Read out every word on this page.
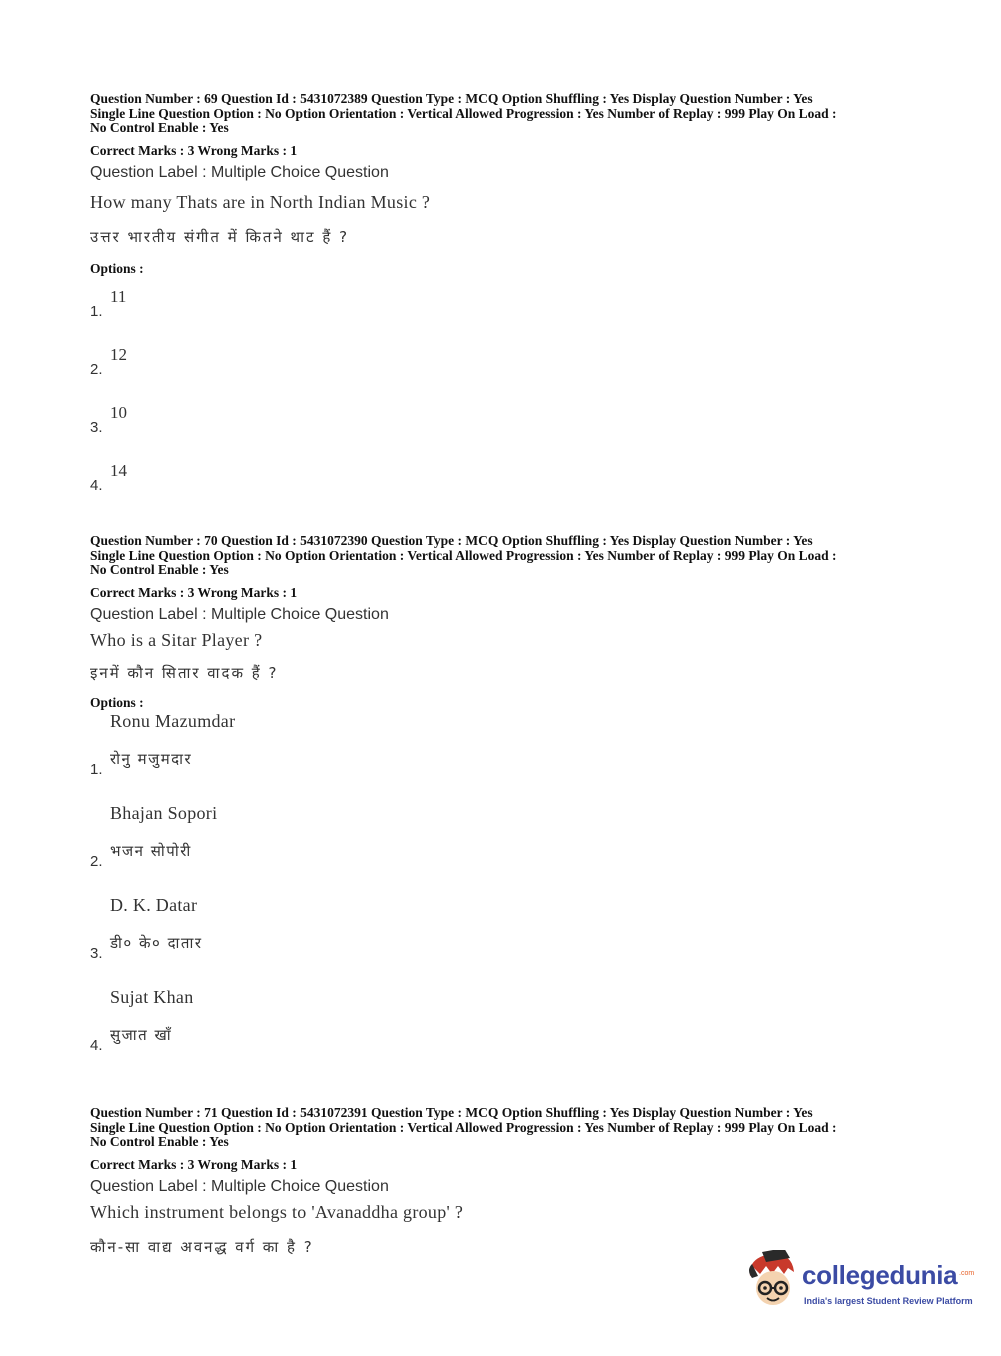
Question Number : 69 Question Id : 5431072389 Question Type : MCQ Option Shuffling : Yes Display Question Number : Yes

Single Line Question Option : No Option Orientation : Vertical Allowed Progression : Yes Number of Replay : 999 Play On Load :

No Control Enable : Yes

Correct Marks : 3 Wrong Marks : 1
Question Label : Multiple Choice Question
How many Thats are in North Indian Music ?
उत्तर भारतीय संगीत में कितने थाट हैं ?
Options :
1.
11
2.
12
3.
10
4.
14

Question Number : 70 Question Id : 5431072390 Question Type : MCQ Option Shuffling : Yes Display Question Number : Yes

Single Line Question Option : No Option Orientation : Vertical Allowed Progression : Yes Number of Replay : 999 Play On Load :

No Control Enable : Yes

Correct Marks : 3 Wrong Marks : 1
Question Label : Multiple Choice Question
Who is a Sitar Player ?
इनमें कौन सितार वादक हैं ?
Options :
Ronu Mazumdar
रोनु मजुमदार
1.
Bhajan Sopori
भजन सोपोरी
2.
D. K. Datar
डी० के० दातार
3.
Sujat Khan
सुजात खाँ
4.

Question Number : 71 Question Id : 5431072391 Question Type : MCQ Option Shuffling : Yes Display Question Number : Yes

Single Line Question Option : No Option Orientation : Vertical Allowed Progression : Yes Number of Replay : 999 Play On Load :

No Control Enable : Yes

Correct Marks : 3 Wrong Marks : 1
Question Label : Multiple Choice Question
Which instrument belongs to 'Avanaddha group' ?
कौन-सा वाद्य अवनद्ध वर्ग का है ?
collegedunia .com
India's largest Student Review Platform
